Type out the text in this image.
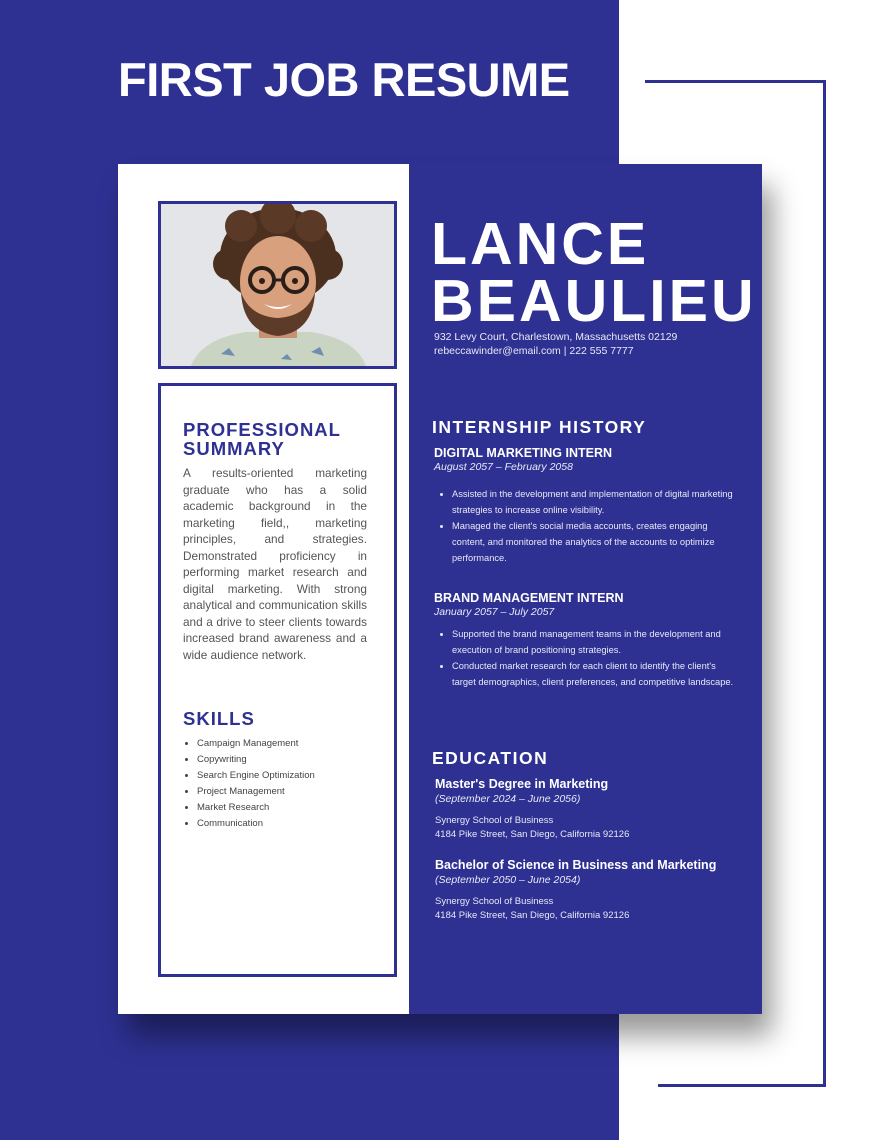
FIRST JOB RESUME
PROFESSIONAL
SUMMARY
A results-oriented marketing graduate who has a solid academic background in the marketing field,, marketing principles, and strategies. Demonstrated proficiency in performing market research and digital marketing. With strong analytical and communication skills and a drive to steer clients towards increased brand awareness and a wide audience network.
SKILLS
• Campaign Management
• Copywriting
• Search Engine Optimization
• Project Management
• Market Research
• Communication
LANCE
BEAULIEU
932 Levy Court, Charlestown, Massachusetts 02129
rebeccawinder@email.com | 222 555 7777
INTERNSHIP HISTORY
DIGITAL MARKETING INTERN
August 2057 – February 2058
• Assisted in the development and implementation of digital marketing strategies to increase online visibility.
• Managed the client's social media accounts, creates engaging content, and monitored the analytics of the accounts to optimize performance.
BRAND MANAGEMENT INTERN
January 2057 – July 2057
• Supported the brand management teams in the development and execution of brand positioning strategies.
• Conducted market research for each client to identify the client's target demographics, client preferences, and competitive landscape.
EDUCATION
Master's Degree in Marketing
(September 2024 – June 2056)
Synergy School of Business
4184 Pike Street, San Diego, California 92126
Bachelor of Science in Business and Marketing
(September 2050 – June 2054)
Synergy School of Business
4184 Pike Street, San Diego, California 92126
